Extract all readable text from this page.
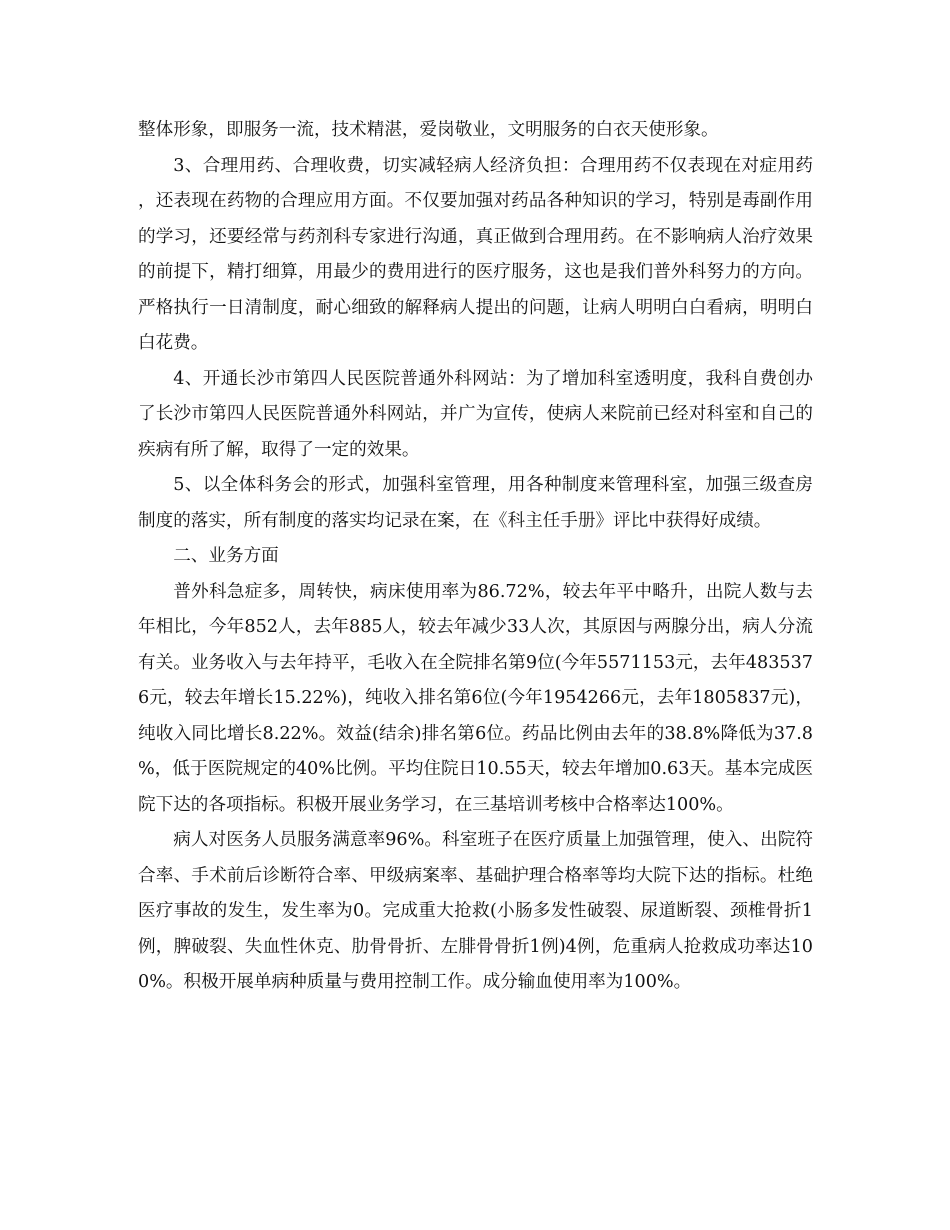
整体形象，即服务一流，技术精湛，爱岗敬业，文明服务的白衣天使形象。

3、合理用药、合理收费，切实减轻病人经济负担：合理用药不仅表现在对症用药，还表现在药物的合理应用方面。不仅要加强对药品各种知识的学习，特别是毒副作用的学习，还要经常与药剂科专家进行沟通，真正做到合理用药。在不影响病人治疗效果的前提下，精打细算，用最少的费用进行的医疗服务，这也是我们普外科努力的方向。严格执行一日清制度，耐心细致的解释病人提出的问题，让病人明明白白看病，明明白白花费。

4、开通长沙市第四人民医院普通外科网站：为了增加科室透明度，我科自费创办了长沙市第四人民医院普通外科网站，并广为宣传，使病人来院前已经对科室和自己的疾病有所了解，取得了一定的效果。

5、以全体科务会的形式，加强科室管理，用各种制度来管理科室，加强三级查房制度的落实，所有制度的落实均记录在案，在《科主任手册》评比中获得好成绩。

二、业务方面

普外科急症多，周转快，病床使用率为86.72%，较去年平中略升，出院人数与去年相比，今年852人，去年885人，较去年减少33人次，其原因与两腺分出，病人分流有关。业务收入与去年持平，毛收入在全院排名第9位(今年5571153元，去年4835376元，较去年增长15.22%)，纯收入排名第6位(今年1954266元，去年1805837元)，纯收入同比增长8.22%。效益(结余)排名第6位。药品比例由去年的38.8%降低为37.8%，低于医院规定的40%比例。平均住院日10.55天，较去年增加0.63天。基本完成医院下达的各项指标。积极开展业务学习，在三基培训考核中合格率达100%。

病人对医务人员服务满意率96%。科室班子在医疗质量上加强管理，使入、出院符合率、手术前后诊断符合率、甲级病案率、基础护理合格率等均大院下达的指标。杜绝医疗事故的发生，发生率为0。完成重大抢救(小肠多发性破裂、尿道断裂、颈椎骨折1例，脾破裂、失血性休克、肋骨骨折、左腓骨骨折1例)4例，危重病人抢救成功率达100%。积极开展单病种质量与费用控制工作。成分输血使用率为100%。
